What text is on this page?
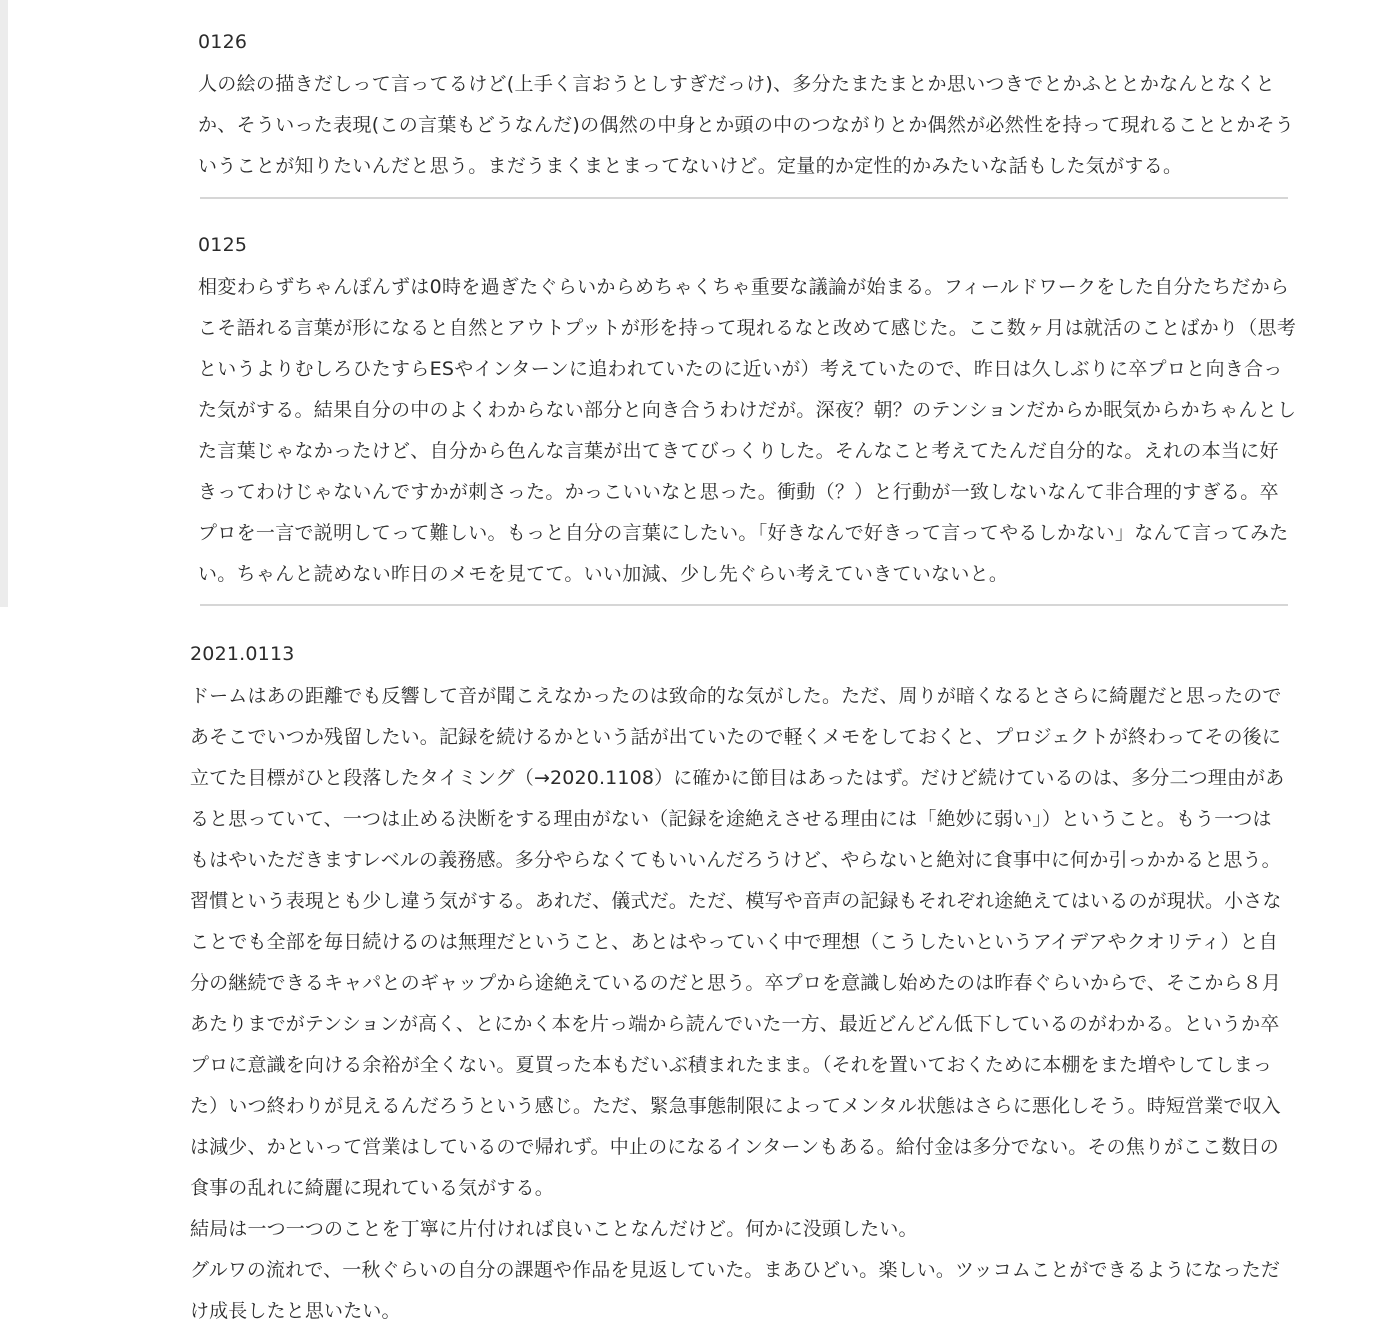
0126

人の絵の描きだしって言ってるけど(上手く言おうとしすぎだっけ)、多分たまたまとか思いつきでとかふととかなんとなくとか、そういった表現(この言葉もどうなんだ)の偶然の中身とか頭の中のつながりとか偶然が必然性を持って現れることとかそういうことが知りたいんだと思う。まだうまくまとまってないけど。定量的か定性的かみたいな話もした気がする。

0125

相変わらずちゃんぽんずは0時を過ぎたぐらいからめちゃくちゃ重要な議論が始まる。フィールドワークをした自分たちだからこそ語れる言葉が形になると自然とアウトプットが形を持って現れるなと改めて感じた。ここ数ヶ月は就活のことばかり（思考というよりむしろひたすらESやインターンに追われていたのに近いが）考えていたので、昨日は久しぶりに卒プロと向き合った気がする。結果自分の中のよくわからない部分と向き合うわけだが。深夜？朝？のテンションだからか眠気からかちゃんとした言葉じゃなかったけど、自分から色んな言葉が出てきてびっくりした。そんなこと考えてたんだ自分的な。えれの本当に好きってわけじゃないんですかが刺さった。かっこいいなと思った。衝動（？）と行動が一致しないなんて非合理的すぎる。卒プロを一言で説明してって難しい。もっと自分の言葉にしたい。「好きなんで好きって言ってやるしかない」なんて言ってみたい。ちゃんと読めない昨日のメモを見てて。いい加減、少し先ぐらい考えていきていないと。

2021.0113

ドームはあの距離でも反響して音が聞こえなかったのは致命的な気がした。ただ、周りが暗くなるとさらに綺麗だと思ったのであそこでいつか残留したい。記録を続けるかという話が出ていたので軽くメモをしておくと、プロジェクトが終わってその後に立てた目標がひと段落したタイミング（→2020.1108）に確かに節目はあったはず。だけど続けているのは、多分二つ理由があると思っていて、一つは止める決断をする理由がない（記録を途絶えさせる理由には「絶妙に弱い」）ということ。もう一つはもはやいただきますレベルの義務感。多分やらなくてもいいんだろうけど、やらないと絶対に食事中に何か引っかかると思う。習慣という表現とも少し違う気がする。あれだ、儀式だ。ただ、模写や音声の記録もそれぞれ途絶えてはいるのが現状。小さなことでも全部を毎日続けるのは無理だということ、あとはやっていく中で理想（こうしたいというアイデアやクオリティ）と自分の継続できるキャパとのギャップから途絶えているのだと思う。卒プロを意識し始めたのは昨春ぐらいからで、そこから８月あたりまでがテンションが高く、とにかく本を片っ端から読んでいた一方、最近どんどん低下しているのがわかる。というか卒プロに意識を向ける余裕が全くない。夏買った本もだいぶ積まれたまま。（それを置いておくために本棚をまた増やしてしまった）いつ終わりが見えるんだろうという感じ。ただ、緊急事態制限によってメンタル状態はさらに悪化しそう。時短営業で収入は減少、かといって営業はしているので帰れず。中止のになるインターンもある。給付金は多分でない。その焦りがここ数日の食事の乱れに綺麗に現れている気がする。

結局は一つ一つのことを丁寧に片付ければ良いことなんだけど。何かに没頭したい。

グルワの流れで、一秋ぐらいの自分の課題や作品を見返していた。まあひどい。楽しい。ツッコムことができるようになっただけ成長したと思いたい。
